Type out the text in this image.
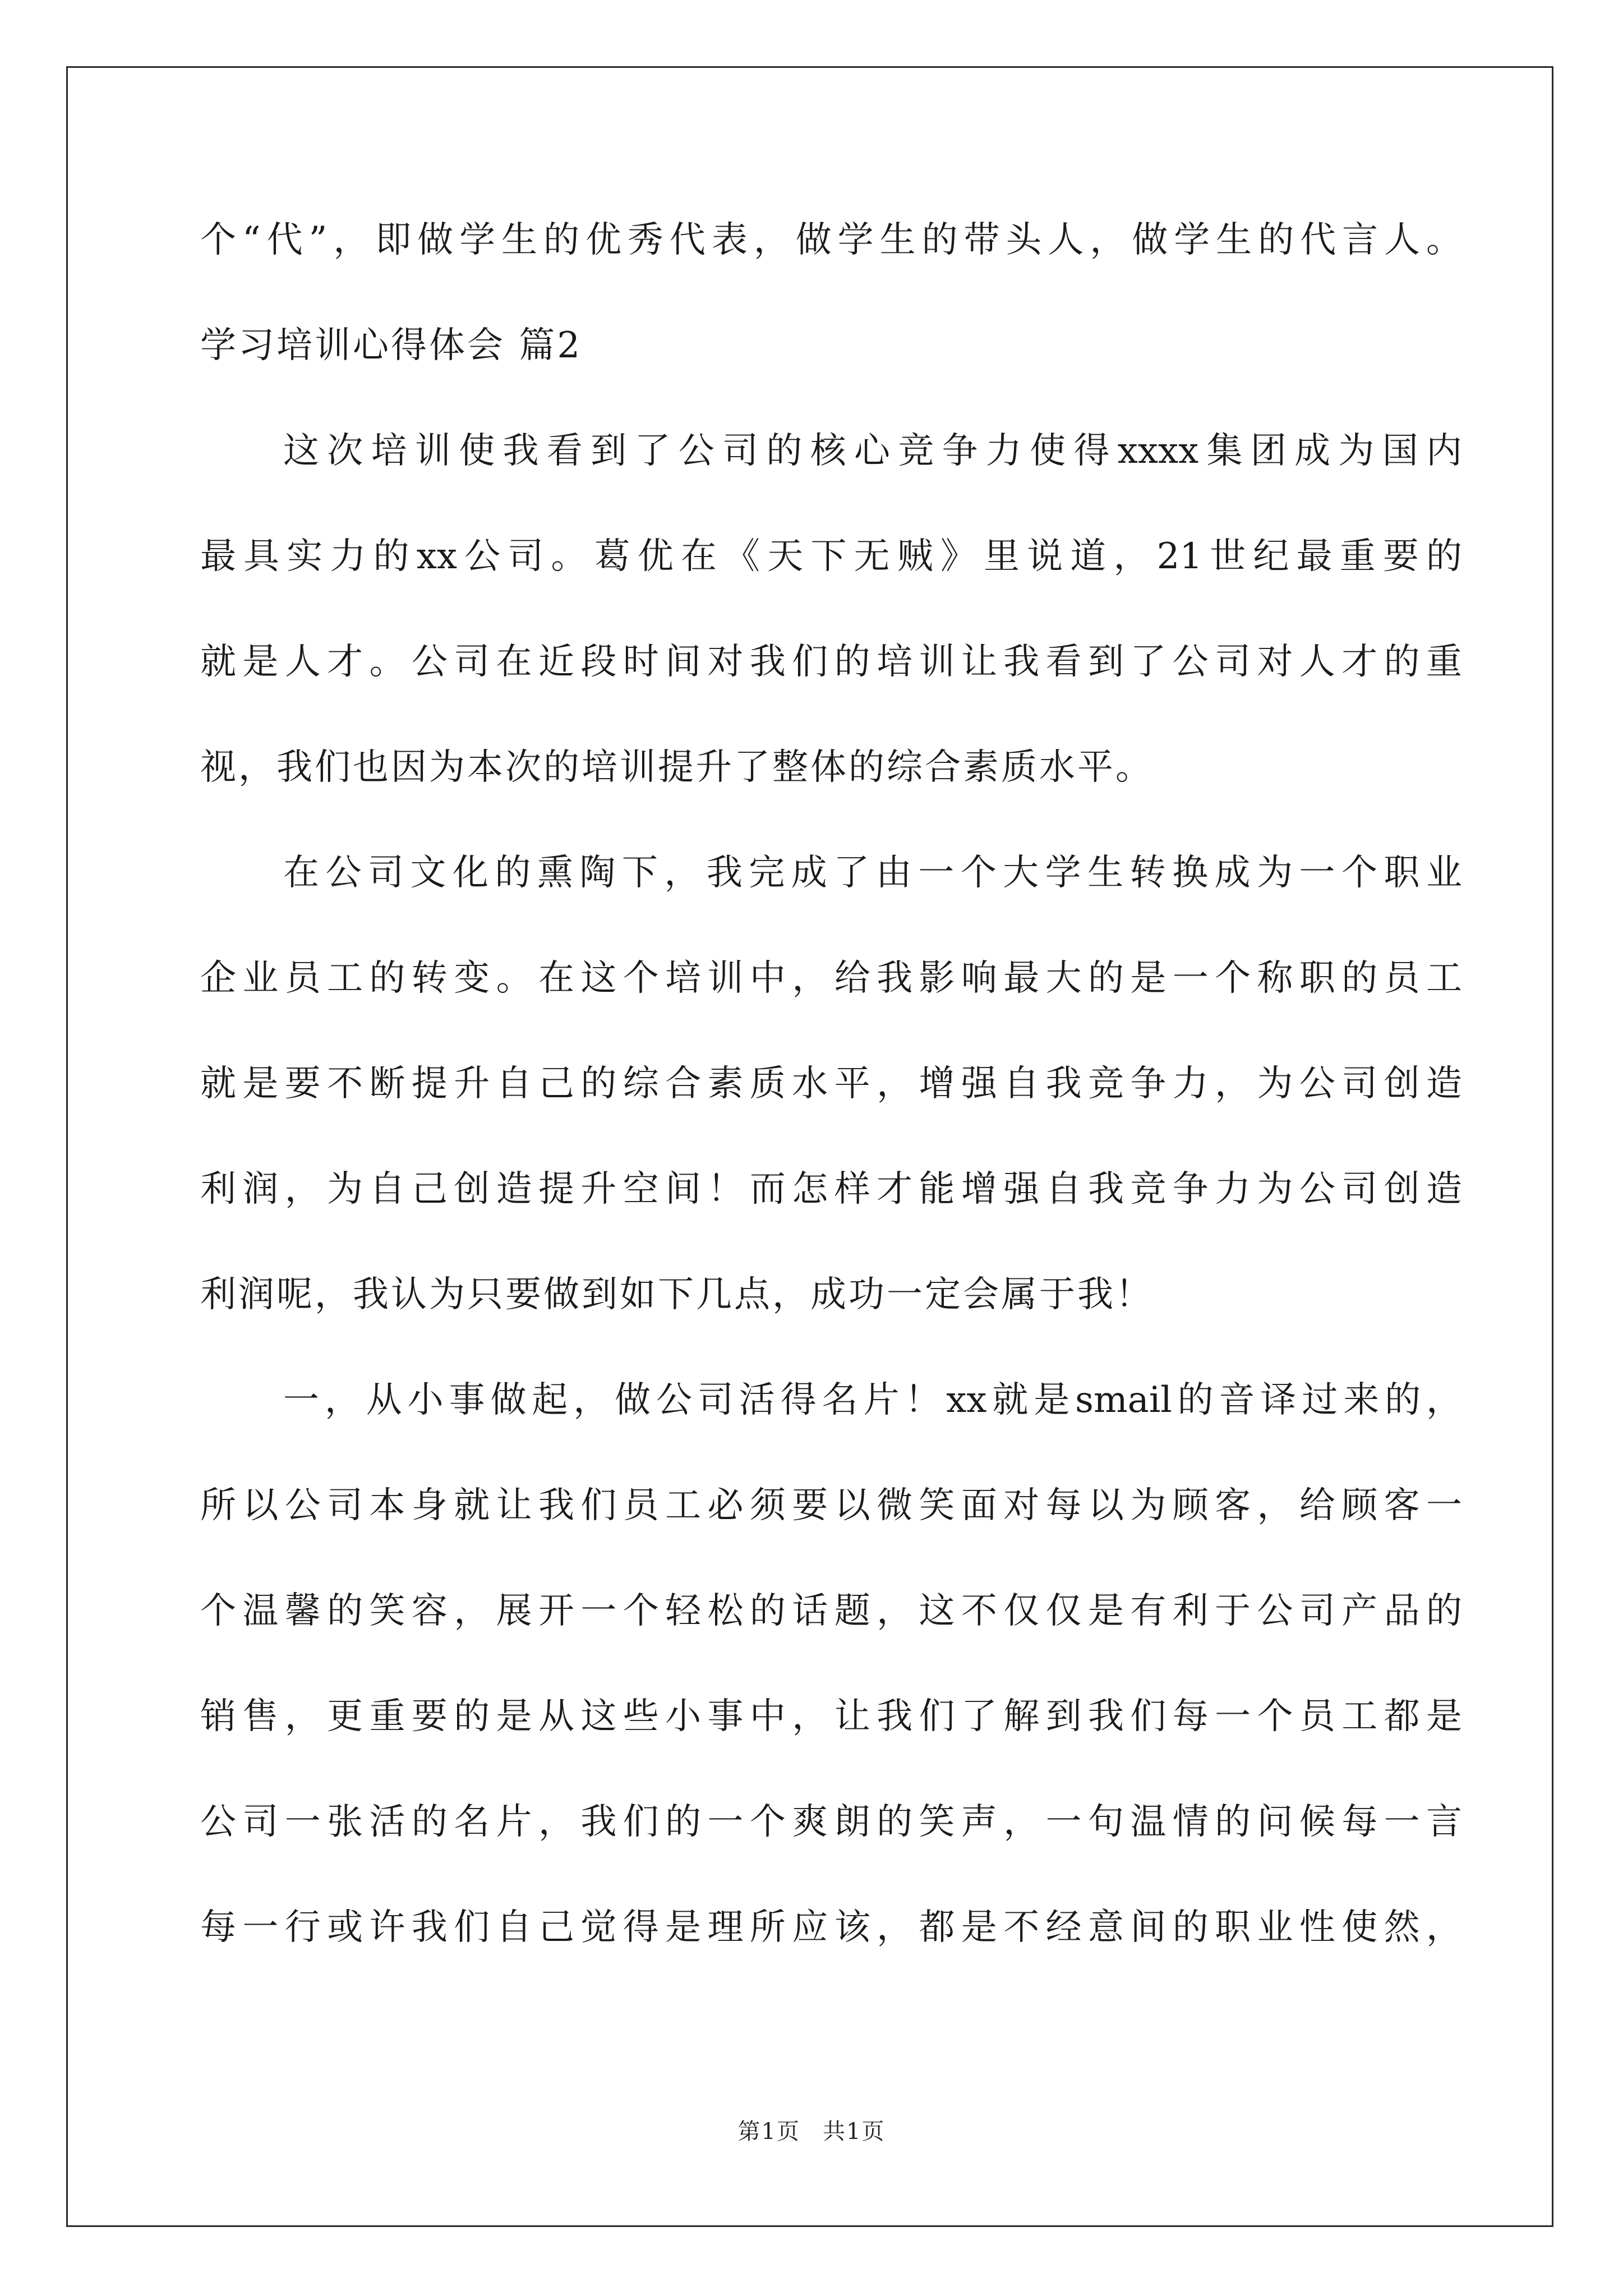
个“代”，即做学生的优秀代表，做学生的带头人，做学生的代言人。
学习培训心得体会 篇2
这次培训使我看到了公司的核心竞争力使得xxxx集团成为国内
最具实力的xx公司。葛优在《天下无贼》里说道，21世纪最重要的
就是人才。公司在近段时间对我们的培训让我看到了公司对人才的重
视，我们也因为本次的培训提升了整体的综合素质水平。
在公司文化的熏陶下，我完成了由一个大学生转换成为一个职业
企业员工的转变。在这个培训中，给我影响最大的是一个称职的员工
就是要不断提升自己的综合素质水平，增强自我竞争力，为公司创造
利润，为自己创造提升空间！而怎样才能增强自我竞争力为公司创造
利润呢，我认为只要做到如下几点，成功一定会属于我！
一，从小事做起，做公司活得名片！xx就是smail的音译过来的，
所以公司本身就让我们员工必须要以微笑面对每以为顾客，给顾客一
个温馨的笑容，展开一个轻松的话题，这不仅仅是有利于公司产品的
销售，更重要的是从这些小事中，让我们了解到我们每一个员工都是
公司一张活的名片，我们的一个爽朗的笑声，一句温情的问候每一言
每一行或许我们自己觉得是理所应该，都是不经意间的职业性使然，
第1页 共1页
